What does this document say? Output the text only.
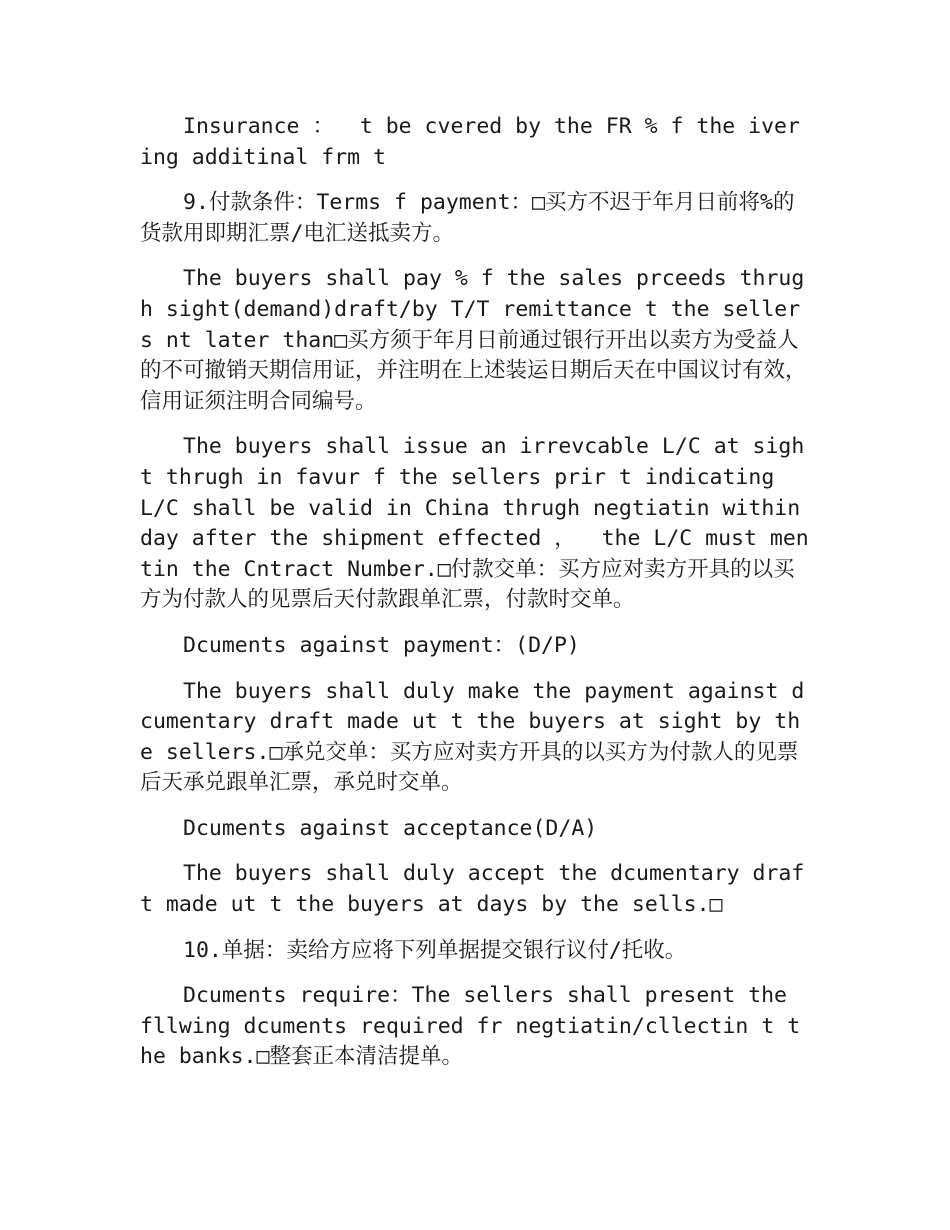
Insurance ：  t be cvered by the FR % f the ivering additinal frm t

9.付款条件：Terms f payment：□买方不迟于年月日前将%的货款用即期汇票/电汇送抵卖方。

The buyers shall pay % f the sales prceeds thrugh sight(demand)draft/by T/T remittance t the sellers nt later than□买方须于年月日前通过银行开出以卖方为受益人的不可撤销天期信用证，并注明在上述装运日期后天在中国议讨有效，信用证须注明合同编号。

The buyers shall issue an irrevcable L/C at sight thrugh in favur f the sellers prir t indicating L/C shall be valid in China thrugh negtiatin within day after the shipment effected ，  the L/C must mentin the Cntract Number.□付款交单：买方应对卖方开具的以买方为付款人的见票后天付款跟单汇票，付款时交单。

Dcuments against payment：(D/P)

The buyers shall duly make the payment against dcumentary draft made ut t the buyers at sight by the sellers.□承兑交单：买方应对卖方开具的以买方为付款人的见票后天承兑跟单汇票，承兑时交单。

Dcuments against acceptance(D/A)

The buyers shall duly accept the dcumentary draft made ut t the buyers at days by the sells.□

10.单据：卖给方应将下列单据提交银行议付/托收。

Dcuments require：The sellers shall present the fllwing dcuments required fr negtiatin/cllectin t the banks.□整套正本清洁提单。
